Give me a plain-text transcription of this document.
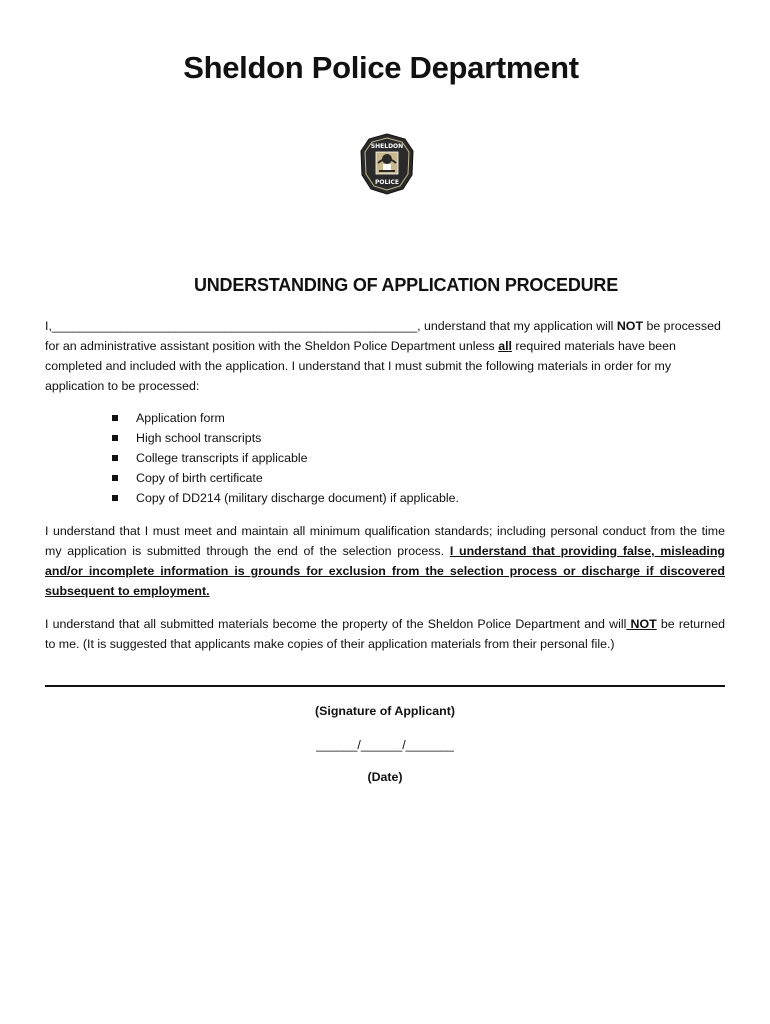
Sheldon Police Department
SHELDON
POLICE
UNDERSTANDING OF APPLICATION PROCEDURE
I,_____________________________________________________, understand that my application will NOT be processed for an administrative assistant position with the Sheldon Police Department unless all required materials have been completed and included with the application. I understand that I must submit the following materials in order for my application to be processed:
Application form
High school transcripts
College transcripts if applicable
Copy of birth certificate
Copy of DD214 (military discharge document) if applicable.
I understand that I must meet and maintain all minimum qualification standards; including personal conduct from the time my application is submitted through the end of the selection process. I understand that providing false, misleading and/or incomplete information is grounds for exclusion from the selection process or discharge if discovered subsequent to employment.
I understand that all submitted materials become the property of the Sheldon Police Department and will NOT be returned to me. (It is suggested that applicants make copies of their application materials from their personal file.)
(Signature of Applicant)
______/______/_______
(Date)
